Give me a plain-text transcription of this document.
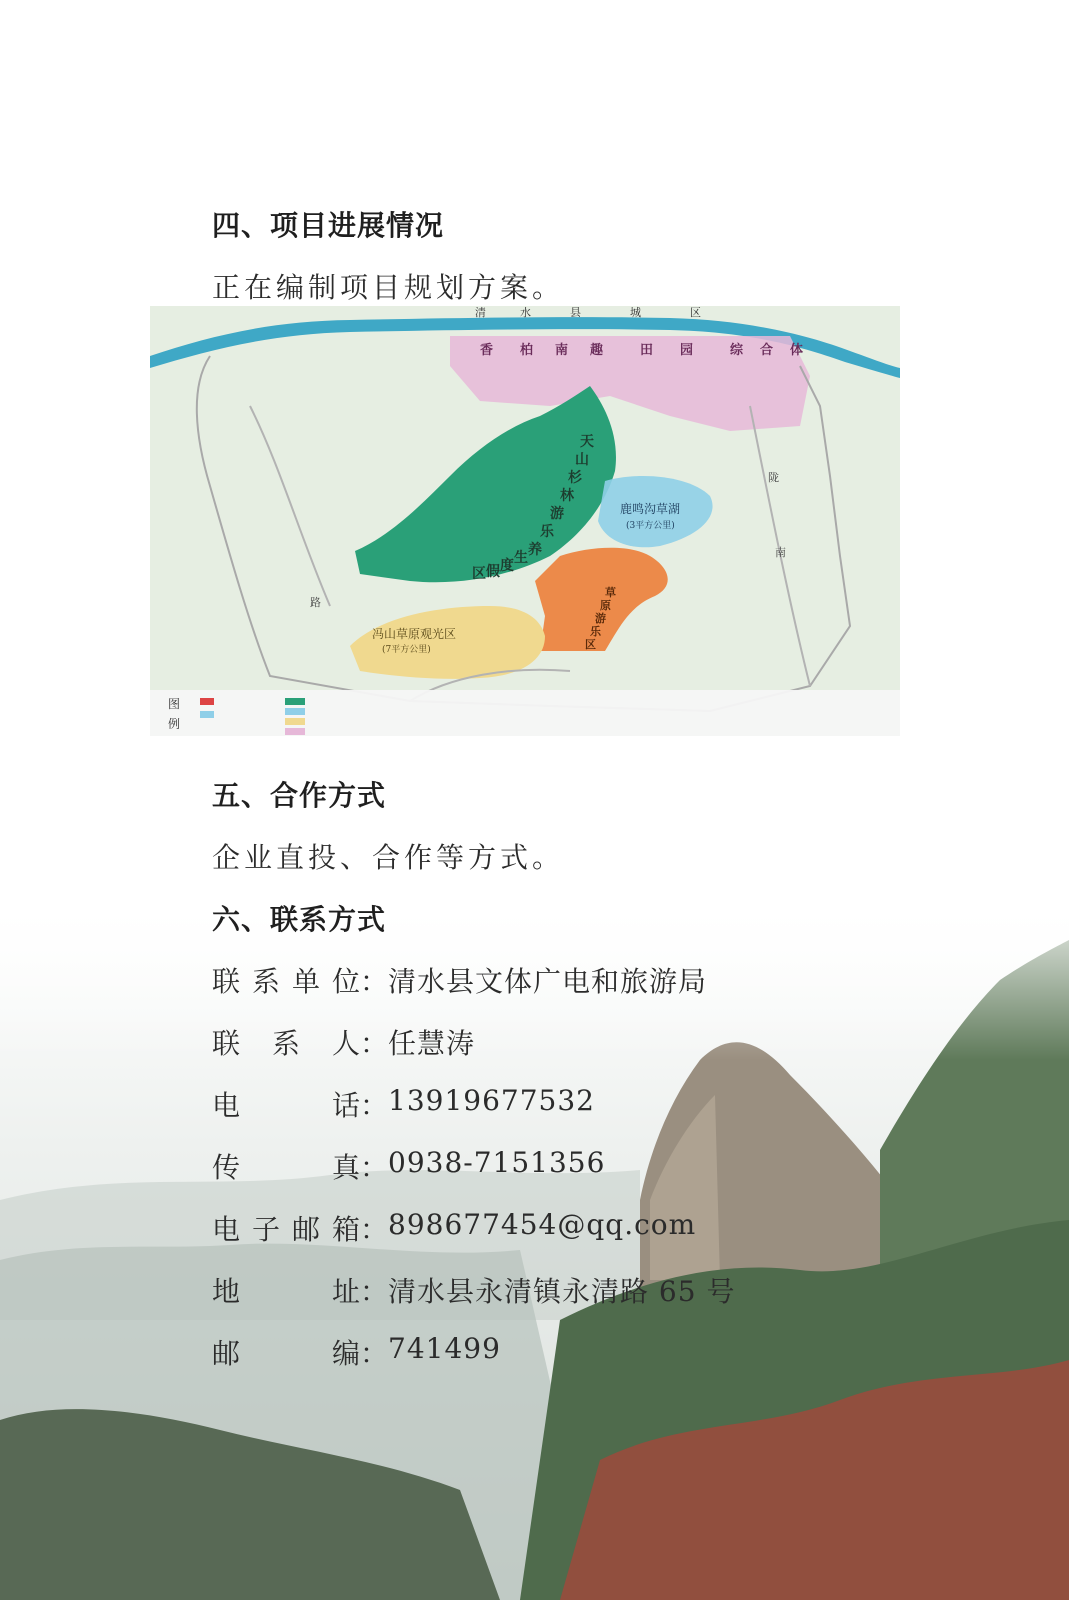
四、项目进展情况
正在编制项目规划方案。
清	水	县	城	区
香 柏 南 趣	田 园	综 合 体
天
山
杉
林
游
乐
养
生
度
假
区
鹿鸣沟草湖
(3平方公里)
冯山草原观光区
(7平方公里)
草
原
游
乐
区
陇
南
路
图
例
五、合作方式
企业直投、合作等方式。
六、联系方式
联 系 单 位 ： 清水县文体广电和旅游局
联 系 人 ： 任慧涛
电	话 ： 13919677532
传	真 ： 0938-7151356
电 子 邮 箱 ： 898677454@qq.com
地	址 ： 清水县永清镇永清路 65 号
邮	编 ： 741499
